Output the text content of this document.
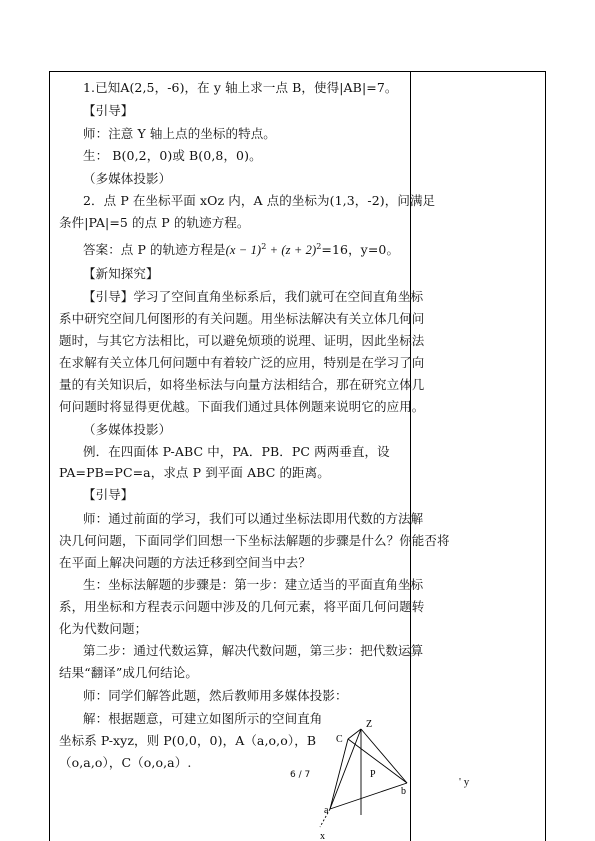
1.已知A(2,5，-6)，在 y 轴上求一点 B，使得|AB|=7。
【引导】
师：注意 Y 轴上点的坐标的特点。
生： B(0,2，0)或 B(0,8，0)。
（多媒体投影）
2．点 P 在坐标平面 xOz 内，A 点的坐标为(1,3，-2)，问满足
条件|PA|=5 的点 P 的轨迹方程。
答案：点 P 的轨迹方程是$(x - 1)^2 + (z + 2)^2=16$，y=0。
【新知探究】
【引导】学习了空间直角坐标系后，我们就可在空间直角坐标
系中研究空间几何图形的有关问题。用坐标法解决有关立体几何问
题时，与其它方法相比，可以避免烦琐的说理、证明，因此坐标法
在求解有关立体几何问题中有着较广泛的应用，特别是在学习了向
量的有关知识后，如将坐标法与向量方法相结合，那在研究立体几
何问题时将显得更优越。下面我们通过具体例题来说明它的应用。
（多媒体投影）
例．在四面体 P-ABC 中，PA．PB．PC 两两垂直，设
PA=PB=PC=a，求点 P 到平面 ABC 的距离。
【引导】
师：通过前面的学习，我们可以通过坐标法即用代数的方法解
决几何问题，下面同学们回想一下坐标法解题的步骤是什么？你能否将
在平面上解决问题的方法迁移到空间当中去？
生：坐标法解题的步骤是：第一步：建立适当的平面直角坐标
系，用坐标和方程表示问题中涉及的几何元素，将平面几何问题转
化为代数问题；
第二步：通过代数运算，解决代数问题，第三步：把代数运算
结果“翻译”成几何结论。
师：同学们解答此题，然后教师用多媒体投影：
解：根据题意，可建立如图所示的空间直角
坐标系 P-xyz，则 P(0,0，0)，A（a,o,o），B
（o,a,o），C（o,o,a）.
Z
C
P
b
a
x
6 / 7
' y
